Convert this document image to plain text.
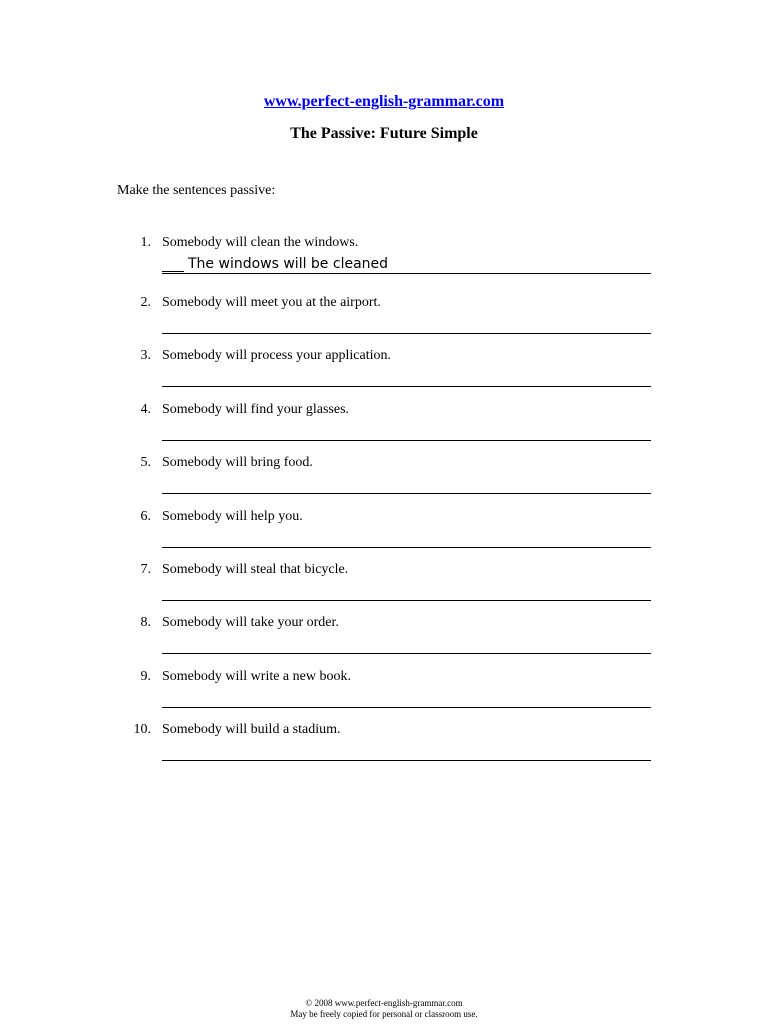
www.perfect-english-grammar.com
The Passive: Future Simple
Make the sentences passive:
1. Somebody will clean the windows.
The windows will be cleaned
2. Somebody will meet you at the airport.
3. Somebody will process your application.
4. Somebody will find your glasses.
5. Somebody will bring food.
6. Somebody will help you.
7. Somebody will steal that bicycle.
8. Somebody will take your order.
9. Somebody will write a new book.
10. Somebody will build a stadium.
© 2008 www.perfect-english-grammar.com
May be freely copied for personal or classroom use.
